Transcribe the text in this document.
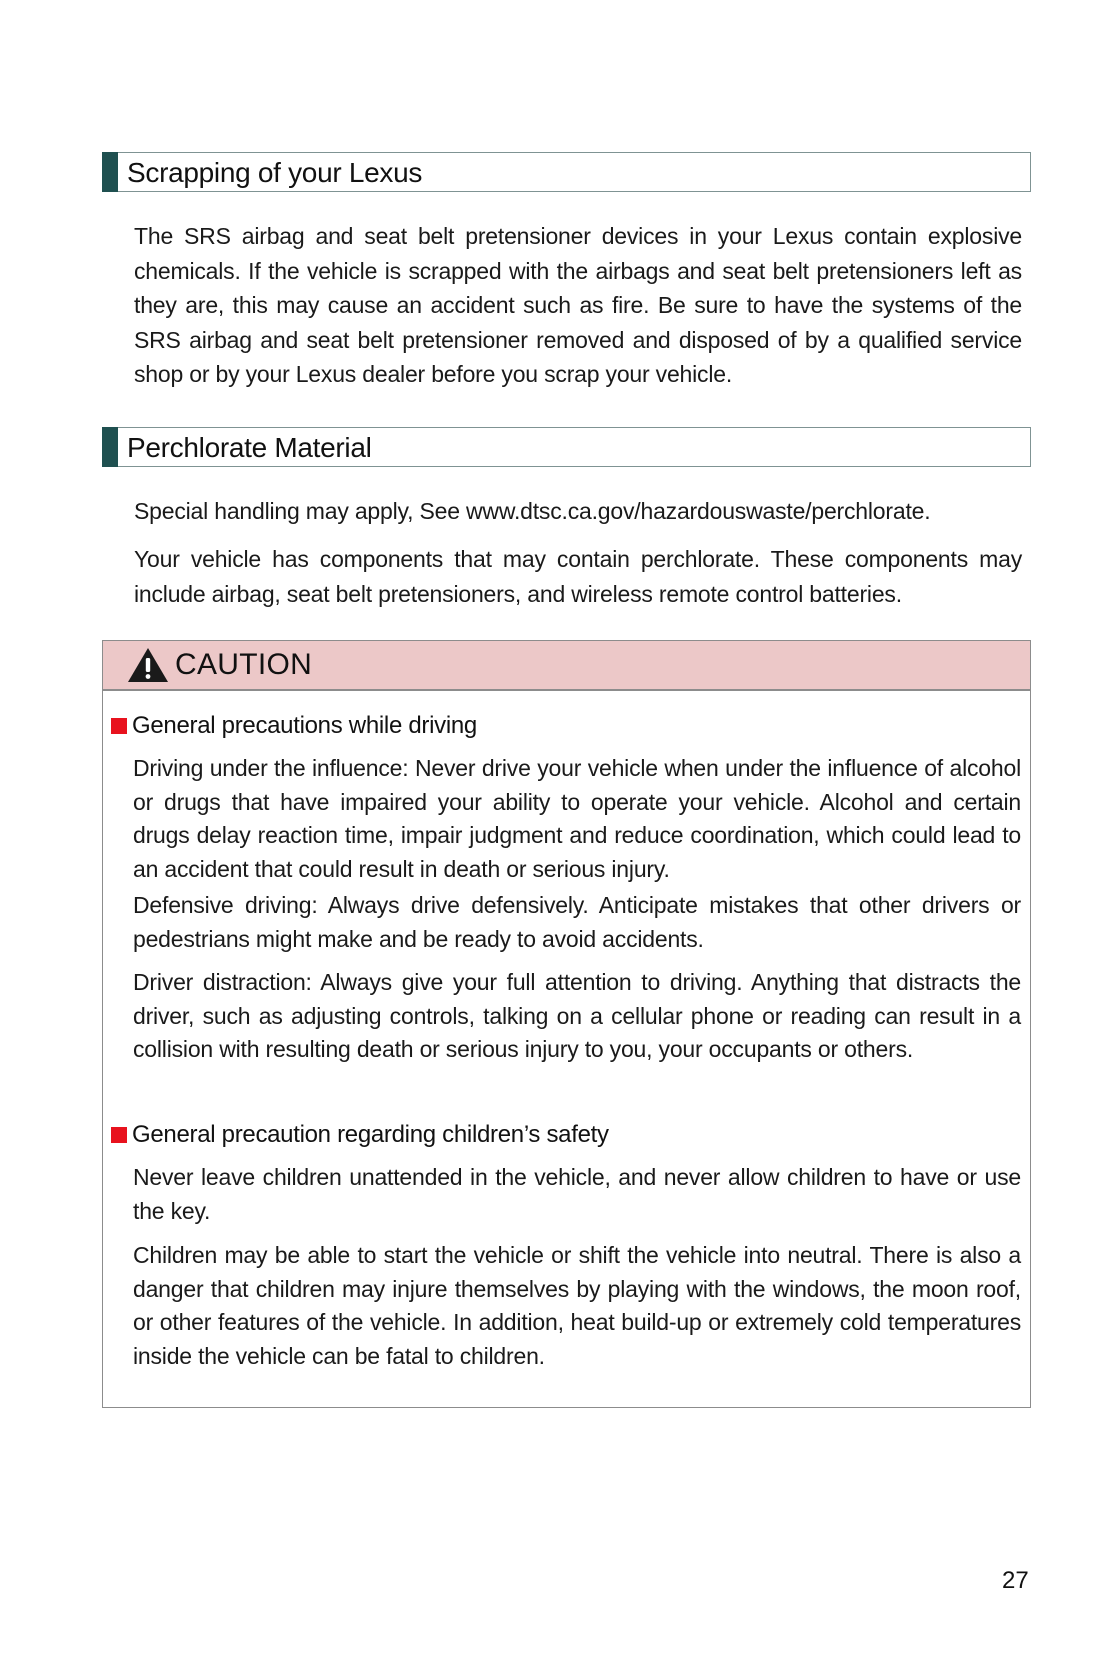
Scrapping of your Lexus
The SRS airbag and seat belt pretensioner devices in your Lexus contain explosive chemicals. If the vehicle is scrapped with the airbags and seat belt pretensioners left as they are, this may cause an accident such as fire. Be sure to have the systems of the SRS airbag and seat belt pretensioner removed and disposed of by a qualified service shop or by your Lexus dealer before you scrap your vehicle.
Perchlorate Material
Special handling may apply, See www.dtsc.ca.gov/hazardouswaste/perchlorate.
Your vehicle has components that may contain perchlorate. These components may include airbag, seat belt pretensioners, and wireless remote control batteries.
CAUTION
General precautions while driving
Driving under the influence: Never drive your vehicle when under the influence of alcohol or drugs that have impaired your ability to operate your vehicle. Alcohol and certain drugs delay reaction time, impair judgment and reduce coordination, which could lead to an accident that could result in death or serious injury.
Defensive driving: Always drive defensively. Anticipate mistakes that other drivers or pedestrians might make and be ready to avoid accidents.
Driver distraction: Always give your full attention to driving. Anything that distracts the driver, such as adjusting controls, talking on a cellular phone or reading can result in a collision with resulting death or serious injury to you, your occupants or others.
General precaution regarding children’s safety
Never leave children unattended in the vehicle, and never allow children to have or use the key.
Children may be able to start the vehicle or shift the vehicle into neutral. There is also a danger that children may injure themselves by playing with the windows, the moon roof, or other features of the vehicle. In addition, heat build-up or extremely cold temperatures inside the vehicle can be fatal to children.
27
